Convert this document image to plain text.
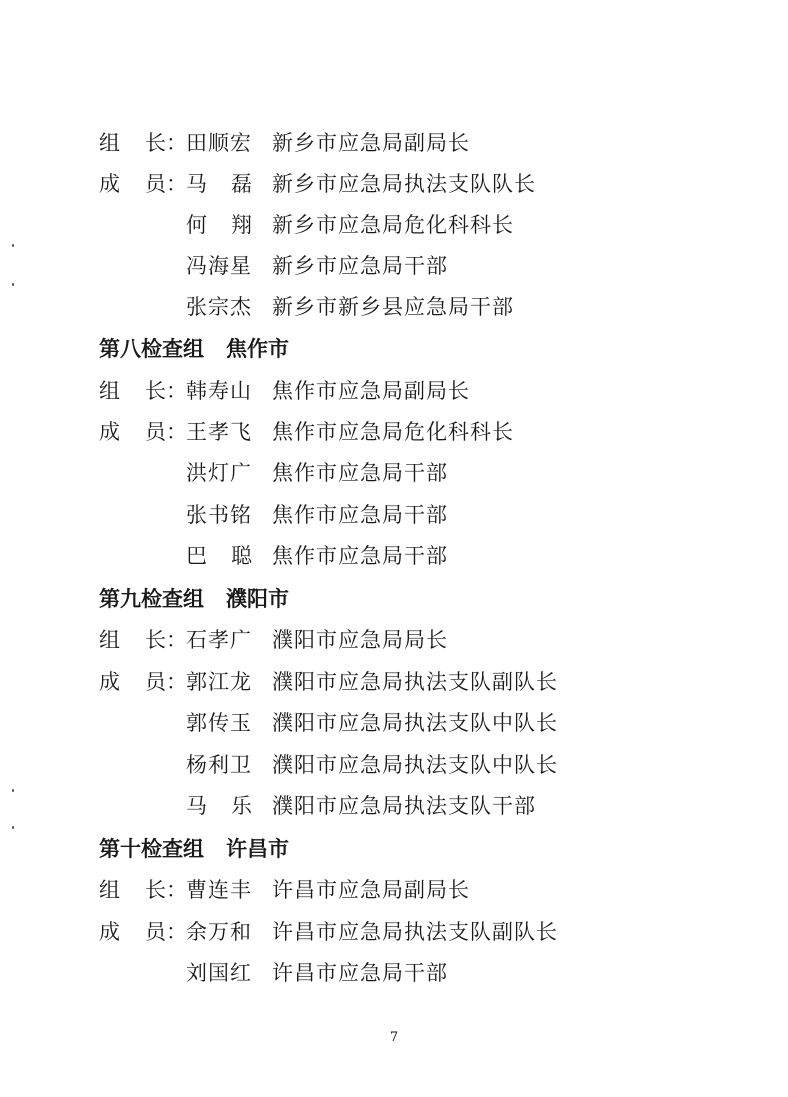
组 长 ： 田顺宏 新乡市应急局副局长
成 员 ： 马磊
新乡市应急局执法支队队长
何翔
新乡市应急局危化科科长
冯海星 新乡市应急局干部
张宗杰 新乡市新乡县应急局干部
第八检查组 焦作市
组 长 ： 韩寿山 焦作市应急局副局长
成 员 ： 王孝飞 焦作市应急局危化科科长
洪灯广 焦作市应急局干部
张书铭 焦作市应急局干部
巴聪
焦作市应急局干部
第九检查组 濮阳市
组 长 ： 石孝广 濮阳市应急局局长
成 员 ： 郭江龙 濮阳市应急局执法支队副队长
郭传玉 濮阳市应急局执法支队中队长
杨利卫 濮阳市应急局执法支队中队长
马乐
濮阳市应急局执法支队干部
第十检查组 许昌市
组 长 ： 曹连丰 许昌市应急局副局长
成 员 ： 余万和 许昌市应急局执法支队副队长
刘国红 许昌市应急局干部
7
